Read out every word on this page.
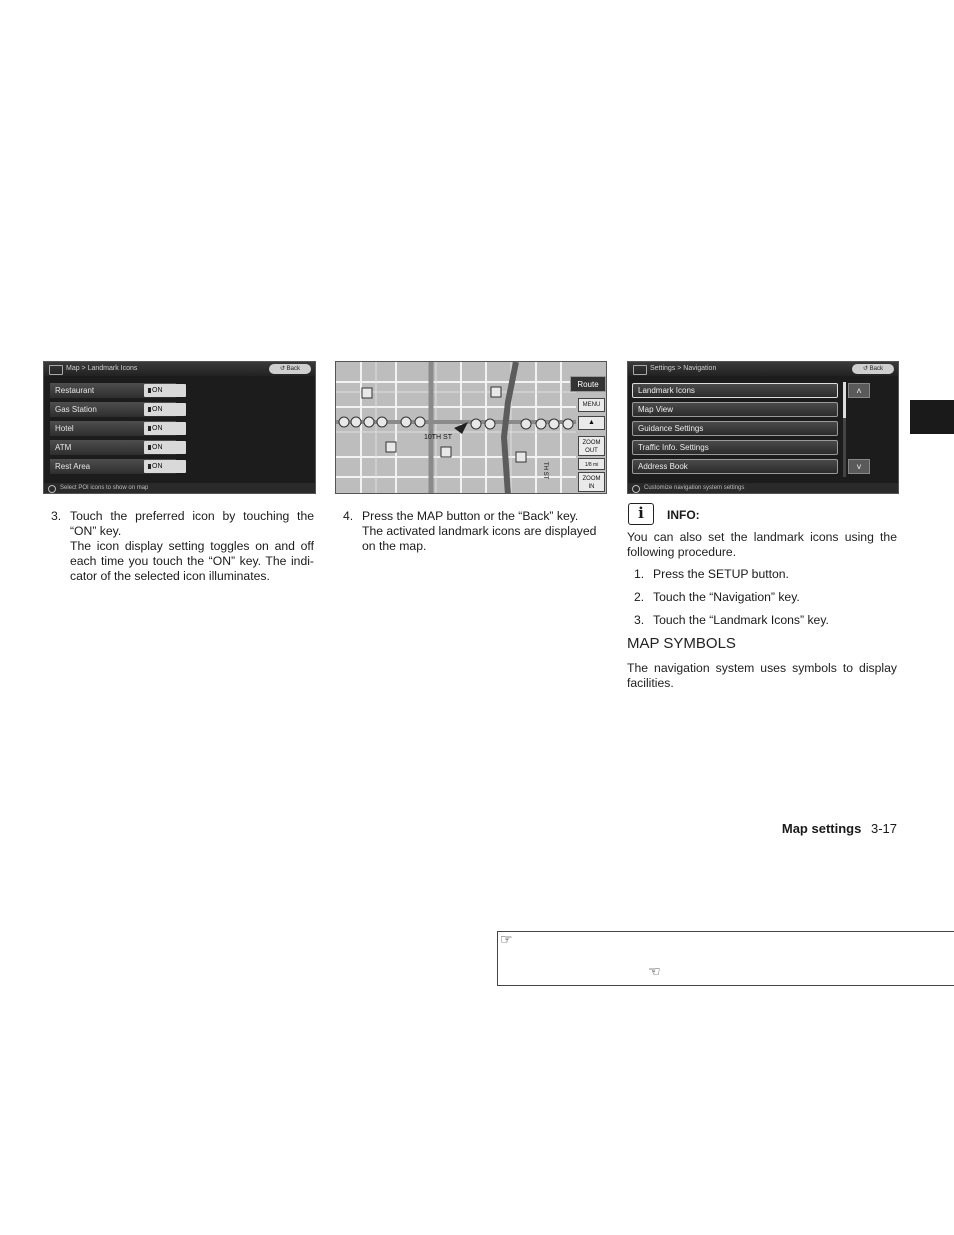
Map > Landmark Icons	↺ Back
Restaurant	ON
Gas Station	ON
Hotel	ON
ATM	ON
Rest Area	ON
Select POI icons to show on map
10TH ST
TH ST
Route
MENU
▲
ZOOM OUT
1/8 mi
ZOOM IN
Settings > Navigation	↺ Back
Landmark Icons
Map View
Guidance Settings
Traffic Info. Settings
Address Book
˄
˅
Customize navigation system settings
3. Touch the preferred icon by touching the
“ON” key.
The icon display setting toggles on and off
each time you touch the “ON” key. The indi-
cator of the selected icon illuminates.
4. Press the MAP button or the “Back” key.
The activated landmark icons are displayed
on the map.
i	INFO:
You can also set the landmark icons using the
following procedure.
1. Press the SETUP button.
2. Touch the “Navigation” key.
3. Touch the “Landmark Icons” key.
MAP SYMBOLS
The navigation system uses symbols to display
facilities.
Map settings 3-17
☞
☜
